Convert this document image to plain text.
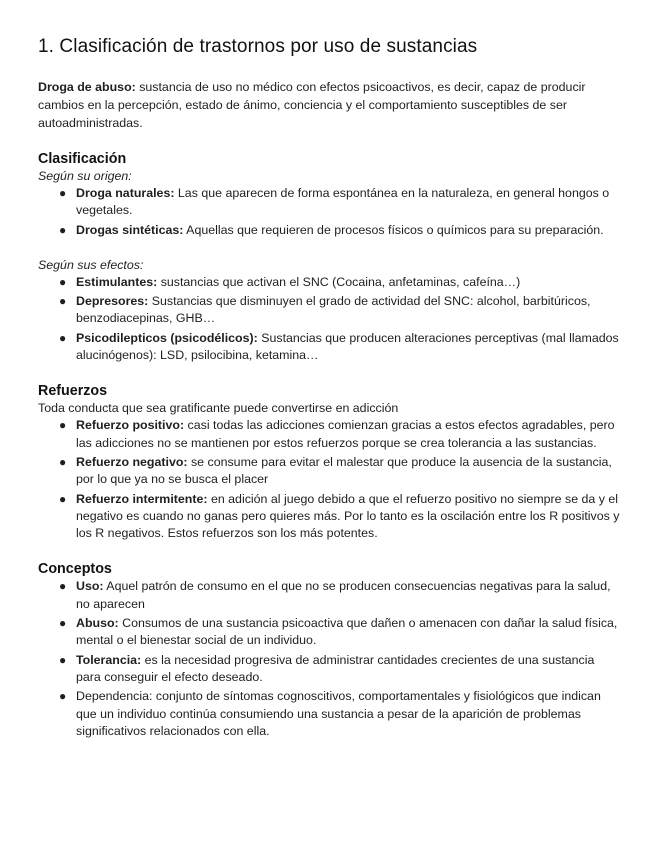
1. Clasificación de trastornos por uso de sustancias

Droga de abuso: sustancia de uso no médico con efectos psicoactivos, es decir, capaz de producir cambios en la percepción, estado de ánimo, conciencia y el comportamiento susceptibles de ser autoadministradas.

Clasificación

Según su origen:

● Droga naturales: Las que aparecen de forma espontánea en la naturaleza, en general hongos o vegetales.
● Drogas sintéticas: Aquellas que requieren de procesos físicos o químicos para su preparación.

Según sus efectos:

● Estimulantes: sustancias que activan el SNC (Cocaina, anfetaminas, cafeína…)
● Depresores: Sustancias que disminuyen el grado de actividad del SNC: alcohol, barbitúricos, benzodiacepinas, GHB…
● Psicodilepticos (psicodélicos): Sustancias que producen alteraciones perceptivas (mal llamados alucinógenos): LSD, psilocibina, ketamina…
Refuerzos

Toda conducta que sea gratificante puede convertirse en adicción

● Refuerzo positivo: casi todas las adicciones comienzan gracias a estos efectos agradables, pero las adicciones no se mantienen por estos refuerzos porque se crea tolerancia a las sustancias.
● Refuerzo negativo: se consume para evitar el malestar que produce la ausencia de la sustancia, por lo que ya no se busca el placer
● Refuerzo intermitente: en adición al juego debido a que el refuerzo positivo no siempre se da y el negativo es cuando no ganas pero quieres más. Por lo tanto es la oscilación entre los R positivos y los R negativos. Estos refuerzos son los más potentes.
Conceptos
● Uso: Aquel patrón de consumo en el que no se producen consecuencias negativas para la salud, no aparecen
● Abuso: Consumos de una sustancia psicoactiva que dañen o amenacen con dañar la salud física, mental o el bienestar social de un individuo.
● Tolerancia: es la necesidad progresiva de administrar cantidades crecientes de una sustancia para conseguir el efecto deseado.
● Dependencia: conjunto de síntomas cognoscitivos, comportamentales y fisiológicos que indican que un individuo continúa consumiendo una sustancia a pesar de la aparición de problemas significativos relacionados con ella.
